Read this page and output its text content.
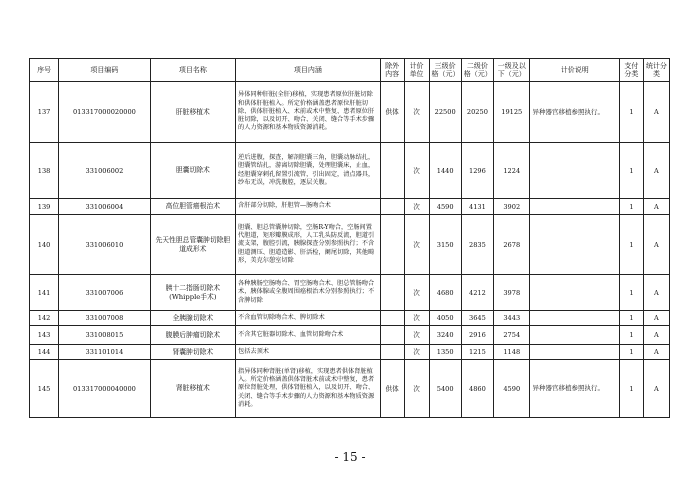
序号	项目编码	项目名称	项目内涵	除外内容	计价单位	三级价格（元）	二级价格（元）	一级及以下（元）	计价说明	支付分类	统计分类
137	013317000020000	肝脏移植术	异体同种肝脏(全肝)移植，实现患者原位肝脏切除和供体肝脏植入。所定价格涵盖患者原位肝脏切除、供体肝脏植入、术前或术中整复、患者原位肝脏切除，以及切开、吻合、关闭、缝合等手术步骤的人力资源和基本物质资源消耗。	供体	次	22500	20250	19125	异种器官移植参照执行。	1	A
138	331006002	胆囊切除术	逆后进腹，探查，解剖胆囊三角，胆囊动脉结扎，胆囊管结扎，游离切除胆囊，处理胆囊床，止血，经胆囊穿刺孔留置引流管，引出固定，清点器具，纱布无误，冲洗腹腔，逐层关腹。		次	1440	1296	1224		1	A
139	331006004	高位胆管癌根治术	含肝部分切除，肝胆管—肠吻合术		次	4590	4131	3902		1	A
140	331006010	先天性胆总管囊肿切除胆道成形术	胆囊、胆总管囊肿切除，空肠R-Y吻合，空肠间置代胆道，矩形瓣膜成形，人工乳头防反流，胆道引流支架，腹腔引流，胰腺探查分别参照执行；不含胆道测压、胆道造影、肝活检，阑尾切除，其他畸形，美克尔憩室切除		次	3150	2835	2678		1	A
141	331007006	胰十二指肠切除术(Whipple手术)	各种胰肠空肠吻合、胃空肠吻合术、胆总管肠吻合术，胰体腺或全腹周围癌根治术分别参照执行；不含脾切除		次	4680	4212	3978		1	A
142	331007008	全胰腺切除术	不含血管切除吻合术、脾切除术		次	4050	3645	3443		1	A
143	331008015	腹膜后肿瘤切除术	不含其它脏器切除术、血管切除吻合术		次	3240	2916	2754		1	A
144	331101014	肾囊肿切除术	包括去顶术		次	1350	1215	1148		1	A
145	013317000040000	肾脏移植术	指异体同种肾脏(单肾)移植，实现患者供体肾脏植入。所定价格涵盖供体肾脏术前或术中整复，患者原位肾脏处理，供体肾脏植入，以及切开、吻合、关闭、缝合等手术步骤的人力资源和基本物质资源消耗。	供体	次	5400	4860	4590	异种器官移植参照执行。	1	A
- 15 -
